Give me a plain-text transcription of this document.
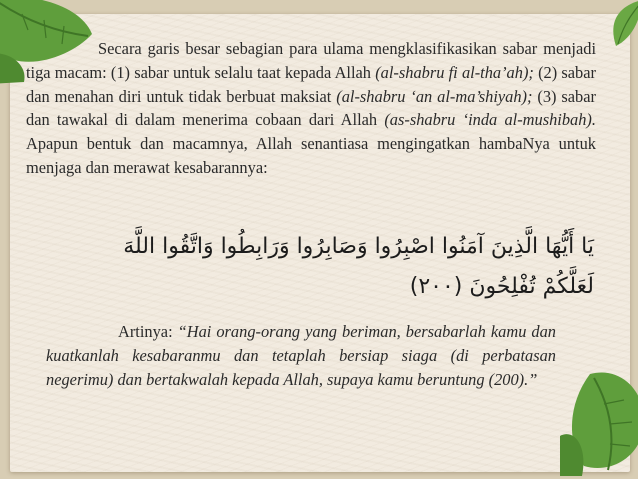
Secara garis besar sebagian para ulama mengklasifikasikan sabar menjadi tiga macam: (1) sabar untuk selalu taat kepada Allah (al-shabru fi al-tha’ah); (2) sabar dan menahan diri untuk tidak berbuat maksiat (al-shabru ‘an al-ma’shiyah); (3) sabar dan tawakal di dalam menerima cobaan dari Allah (as-shabru ‘inda al-mushibah). Apapun bentuk dan macamnya, Allah senantiasa mengingatkan hambaNya untuk menjaga dan merawat kesabarannya:

يَا أَيُّهَا الَّذِينَ آمَنُوا اصْبِرُوا وَصَابِرُوا وَرَابِطُوا وَاتَّقُوا اللَّهَ
لَعَلَّكُمْ تُفْلِحُونَ (٢٠٠)

Artinya: “Hai orang-orang yang beriman, bersabarlah kamu dan kuatkanlah kesabaranmu dan tetaplah bersiap siaga (di perbatasan negerimu) dan bertakwalah kepada Allah, supaya kamu beruntung (200).”
